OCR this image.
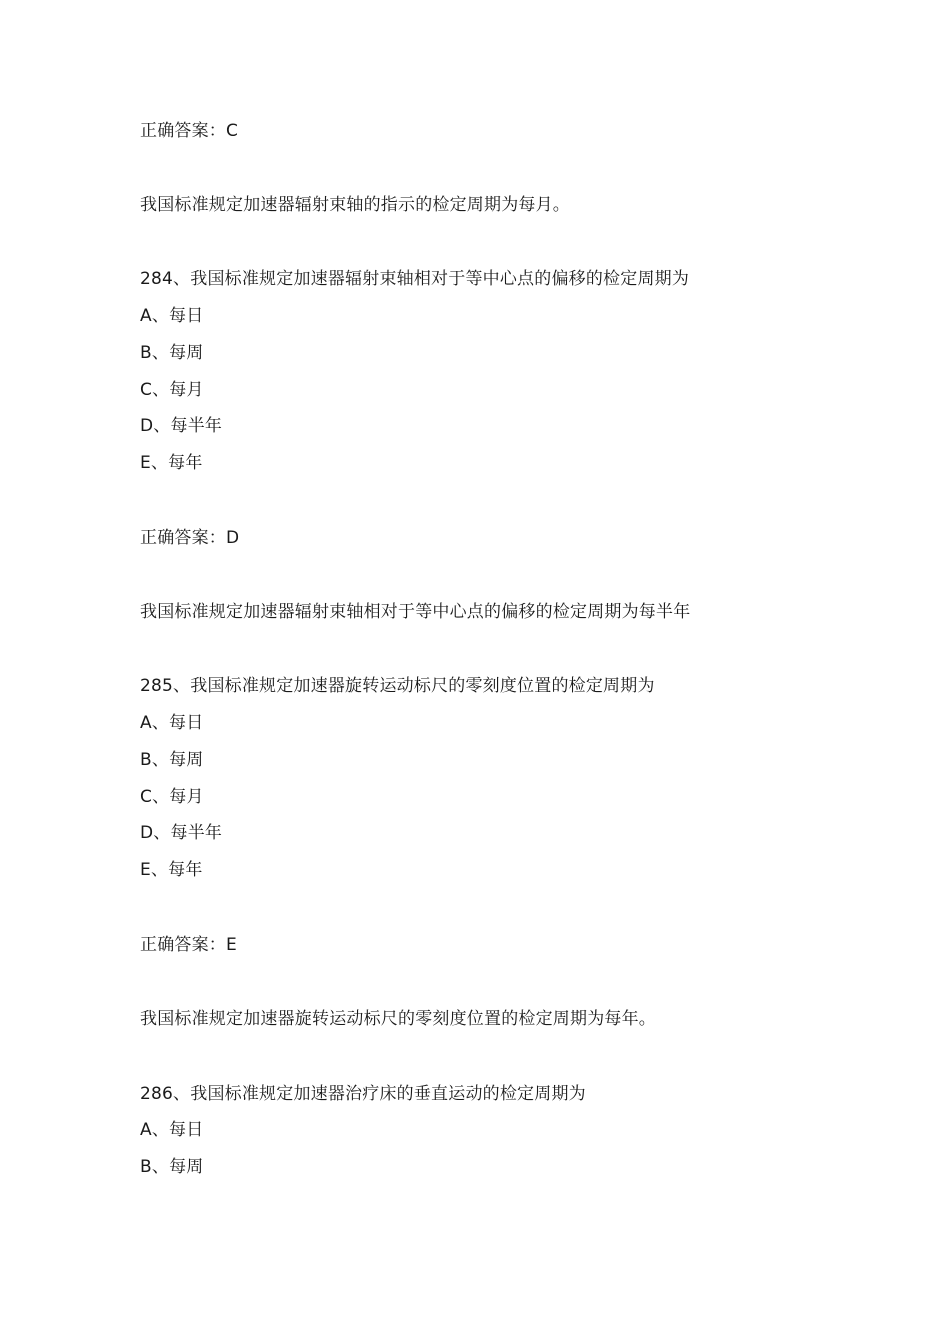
正确答案：C
我国标准规定加速器辐射束轴的指示的检定周期为每月。
284、我国标准规定加速器辐射束轴相对于等中心点的偏移的检定周期为
A、每日
B、每周
C、每月
D、每半年
E、每年
正确答案：D
我国标准规定加速器辐射束轴相对于等中心点的偏移的检定周期为每半年
285、我国标准规定加速器旋转运动标尺的零刻度位置的检定周期为
A、每日
B、每周
C、每月
D、每半年
E、每年
正确答案：E
我国标准规定加速器旋转运动标尺的零刻度位置的检定周期为每年。
286、我国标准规定加速器治疗床的垂直运动的检定周期为
A、每日
B、每周
